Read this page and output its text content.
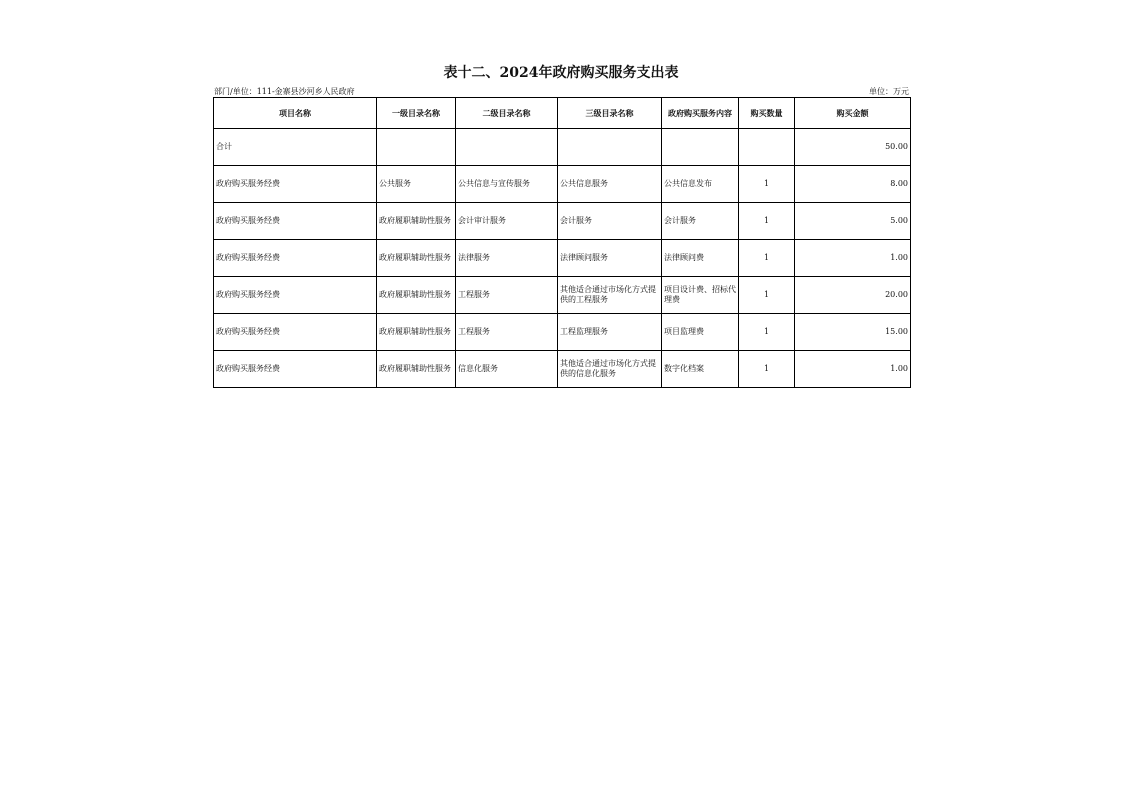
表十二、2024年政府购买服务支出表
部门/单位：111-金寨县沙河乡人民政府	单位：万元
项目名称	一级目录名称	二级目录名称	三级目录名称	政府购买服务内容	购买数量	购买金额
合计						50.00
政府购买服务经费	公共服务	公共信息与宣传服务	公共信息服务	公共信息发布	1	8.00
政府购买服务经费	政府履职辅助性服务	会计审计服务	会计服务	会计服务	1	5.00
政府购买服务经费	政府履职辅助性服务	法律服务	法律顾问服务	法律顾问费	1	1.00
政府购买服务经费	政府履职辅助性服务	工程服务	其他适合通过市场化方式提供的工程服务	项目设计费、招标代理费	1	20.00
政府购买服务经费	政府履职辅助性服务	工程服务	工程监理服务	项目监理费	1	15.00
政府购买服务经费	政府履职辅助性服务	信息化服务	其他适合通过市场化方式提供的信息化服务	数字化档案	1	1.00
